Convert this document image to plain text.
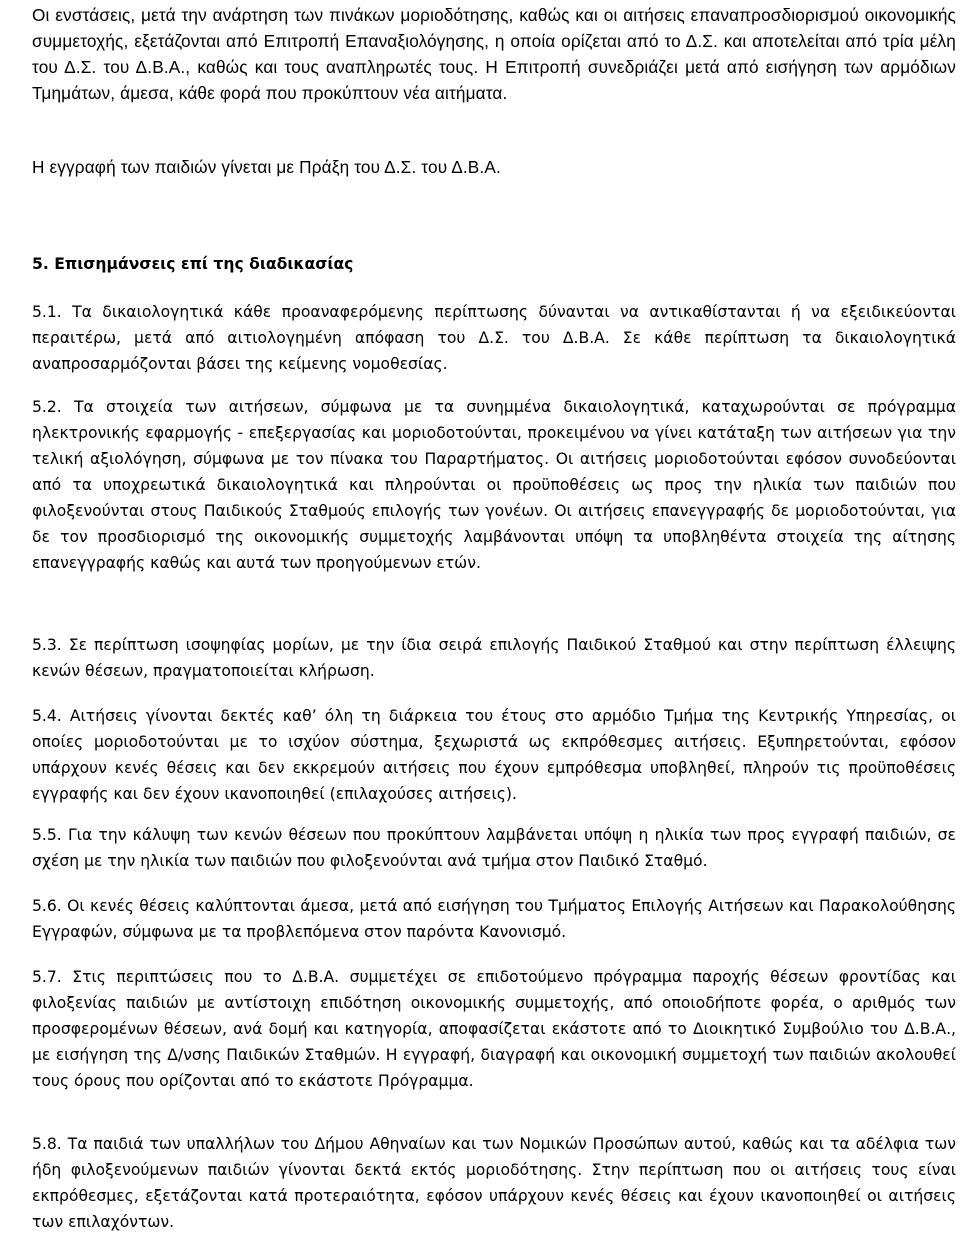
Οι ενστάσεις, μετά την ανάρτηση των πινάκων μοριοδότησης, καθώς και οι αιτήσεις επαναπροσδιορισμού οικονομικής συμμετοχής, εξετάζονται από Επιτροπή Επαναξιολόγησης, η οποία ορίζεται από το Δ.Σ. και αποτελείται από τρία μέλη του Δ.Σ. του Δ.Β.Α., καθώς και τους αναπληρωτές τους. Η Επιτροπή συνεδριάζει μετά από εισήγηση των αρμόδιων Τμημάτων, άμεσα, κάθε φορά που προκύπτουν νέα αιτήματα.

Η εγγραφή των παιδιών γίνεται με Πράξη του Δ.Σ. του Δ.Β.Α.

5. Επισημάνσεις επί της διαδικασίας

5.1. Τα δικαιολογητικά κάθε προαναφερόμενης περίπτωσης δύνανται να αντικαθίστανται ή να εξειδικεύονται περαιτέρω, μετά από αιτιολογημένη απόφαση του Δ.Σ. του Δ.Β.Α. Σε κάθε περίπτωση τα δικαιολογητικά αναπροσαρμόζονται βάσει της κείμενης νομοθεσίας.

5.2. Τα στοιχεία των αιτήσεων, σύμφωνα με τα συνημμένα δικαιολογητικά, καταχωρούνται σε πρόγραμμα ηλεκτρονικής εφαρμογής - επεξεργασίας και μοριοδοτούνται, προκειμένου να γίνει κατάταξη των αιτήσεων για την τελική αξιολόγηση, σύμφωνα με τον πίνακα του Παραρτήματος. Οι αιτήσεις μοριοδοτούνται εφόσον συνοδεύονται από τα υποχρεωτικά δικαιολογητικά και πληρούνται οι προϋποθέσεις ως προς την ηλικία των παιδιών που φιλοξενούνται στους Παιδικούς Σταθμούς επιλογής των γονέων. Οι αιτήσεις επανεγγραφής δε μοριοδοτούνται, για δε τον προσδιορισμό της οικονομικής συμμετοχής λαμβάνονται υπόψη τα υποβληθέντα στοιχεία της αίτησης επανεγγραφής καθώς και αυτά των προηγούμενων ετών.

5.3. Σε περίπτωση ισοψηφίας μορίων, με την ίδια σειρά επιλογής Παιδικού Σταθμού και στην περίπτωση έλλειψης κενών θέσεων, πραγματοποιείται κλήρωση.

5.4. Αιτήσεις γίνονται δεκτές καθ’ όλη τη διάρκεια του έτους στο αρμόδιο Τμήμα της Κεντρικής Υπηρεσίας, οι οποίες μοριοδοτούνται με το ισχύον σύστημα, ξεχωριστά ως εκπρόθεσμες αιτήσεις. Εξυπηρετούνται, εφόσον υπάρχουν κενές θέσεις και δεν εκκρεμούν αιτήσεις που έχουν εμπρόθεσμα υποβληθεί, πληρούν τις προϋποθέσεις εγγραφής και δεν έχουν ικανοποιηθεί (επιλαχούσες αιτήσεις).

5.5. Για την κάλυψη των κενών θέσεων που προκύπτουν λαμβάνεται υπόψη η ηλικία των προς εγγραφή παιδιών, σε σχέση με την ηλικία των παιδιών που φιλοξενούνται ανά τμήμα στον Παιδικό Σταθμό.

5.6. Οι κενές θέσεις καλύπτονται άμεσα, μετά από εισήγηση του Τμήματος Επιλογής Αιτήσεων και Παρακολούθησης Εγγραφών, σύμφωνα με τα προβλεπόμενα στον παρόντα Κανονισμό.

5.7. Στις περιπτώσεις που το Δ.Β.Α. συμμετέχει σε επιδοτούμενο πρόγραμμα παροχής θέσεων φροντίδας και φιλοξενίας παιδιών με αντίστοιχη επιδότηση οικονομικής συμμετοχής, από οποιοδήποτε φορέα, ο αριθμός των προσφερομένων θέσεων, ανά δομή και κατηγορία, αποφασίζεται εκάστοτε από το Διοικητικό Συμβούλιο του Δ.Β.Α., με εισήγηση της Δ/νσης Παιδικών Σταθμών. Η εγγραφή, διαγραφή και οικονομική συμμετοχή των παιδιών ακολουθεί τους όρους που ορίζονται από το εκάστοτε Πρόγραμμα.

5.8. Τα παιδιά των υπαλλήλων του Δήμου Αθηναίων και των Νομικών Προσώπων αυτού, καθώς και τα αδέλφια των ήδη φιλοξενούμενων παιδιών γίνονται δεκτά εκτός μοριοδότησης. Στην περίπτωση που οι αιτήσεις τους είναι εκπρόθεσμες, εξετάζονται κατά προτεραιότητα, εφόσον υπάρχουν κενές θέσεις και έχουν ικανοποιηθεί οι αιτήσεις των επιλαχόντων.
